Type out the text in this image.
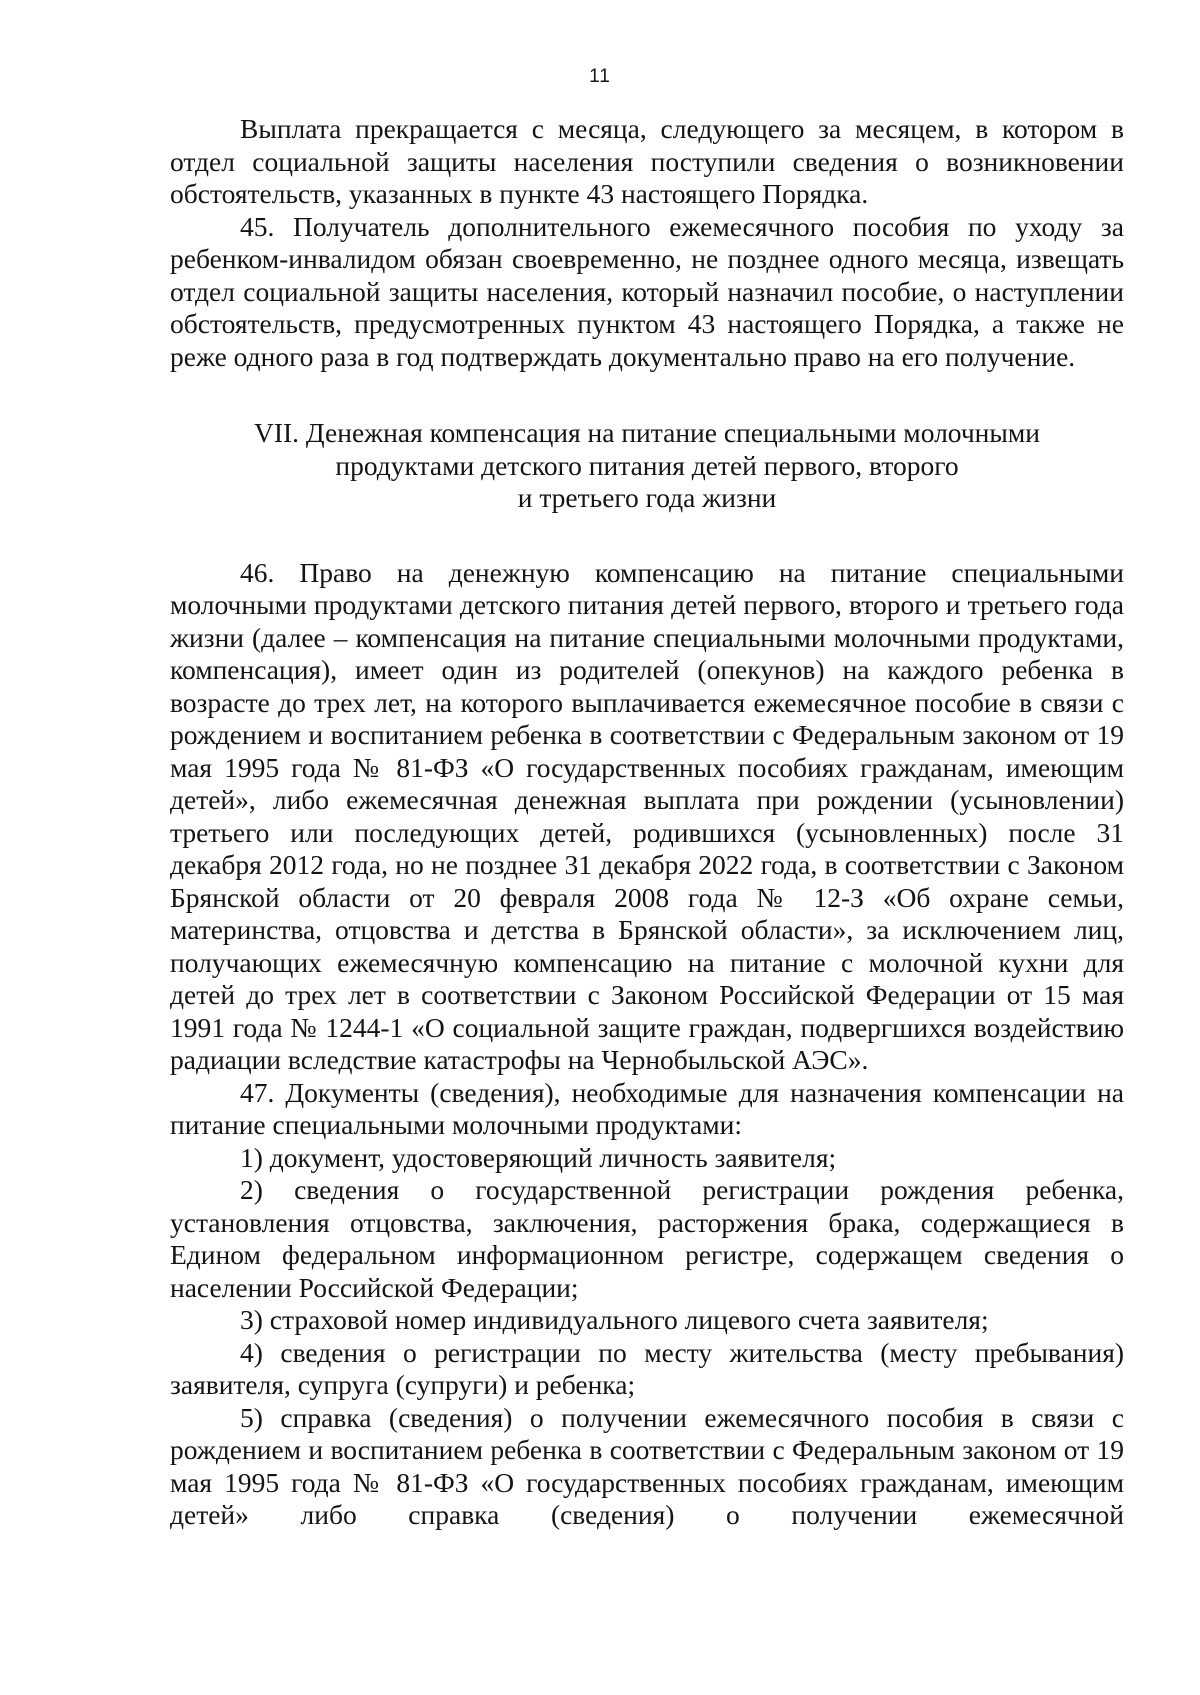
11

Выплата прекращается с месяца, следующего за месяцем, в котором в отдел социальной защиты населения поступили сведения о возникновении обстоятельств, указанных в пункте 43 настоящего Порядка.

45. Получатель дополнительного ежемесячного пособия по уходу за ребенком-инвалидом обязан своевременно, не позднее одного месяца, извещать отдел социальной защиты населения, который назначил пособие, о наступлении обстоятельств, предусмотренных пунктом 43 настоящего Порядка, а также не реже одного раза в год подтверждать документально право на его получение.

VII. Денежная компенсация на питание специальными молочными
продуктами детского питания детей первого, второго
и третьего года жизни

46. Право на денежную компенсацию на питание специальными молочными продуктами детского питания детей первого, второго и третьего года жизни (далее – компенсация на питание специальными молочными продуктами, компенсация), имеет один из родителей (опекунов) на каждого ребенка в возрасте до трех лет, на которого выплачивается ежемесячное пособие в связи с рождением и воспитанием ребенка в соответствии с Федеральным законом от 19 мая 1995 года № 81-ФЗ «О государственных пособиях гражданам, имеющим детей», либо ежемесячная денежная выплата при рождении (усыновлении) третьего или последующих детей, родившихся (усыновленных) после 31 декабря 2012 года, но не позднее 31 декабря 2022 года, в соответствии с Законом Брянской области от 20 февраля 2008 года № 12-З «Об охране семьи, материнства, отцовства и детства в Брянской области», за исключением лиц, получающих ежемесячную компенсацию на питание с молочной кухни для детей до трех лет в соответствии с Законом Российской Федерации от 15 мая 1991 года № 1244-1 «О социальной защите граждан, подвергшихся воздействию радиации вследствие катастрофы на Чернобыльской АЭС».

47. Документы (сведения), необходимые для назначения компенсации на питание специальными молочными продуктами:

1) документ, удостоверяющий личность заявителя;

2) сведения о государственной регистрации рождения ребенка, установления отцовства, заключения, расторжения брака, содержащиеся в Едином федеральном информационном регистре, содержащем сведения о населении Российской Федерации;

3) страховой номер индивидуального лицевого счета заявителя;

4) сведения о регистрации по месту жительства (месту пребывания) заявителя, супруга (супруги) и ребенка;

5) справка (сведения) о получении ежемесячного пособия в связи с рождением и воспитанием ребенка в соответствии с Федеральным законом от 19 мая 1995 года № 81-ФЗ «О государственных пособиях гражданам, имеющим детей» либо справка (сведения) о получении ежемесячной
